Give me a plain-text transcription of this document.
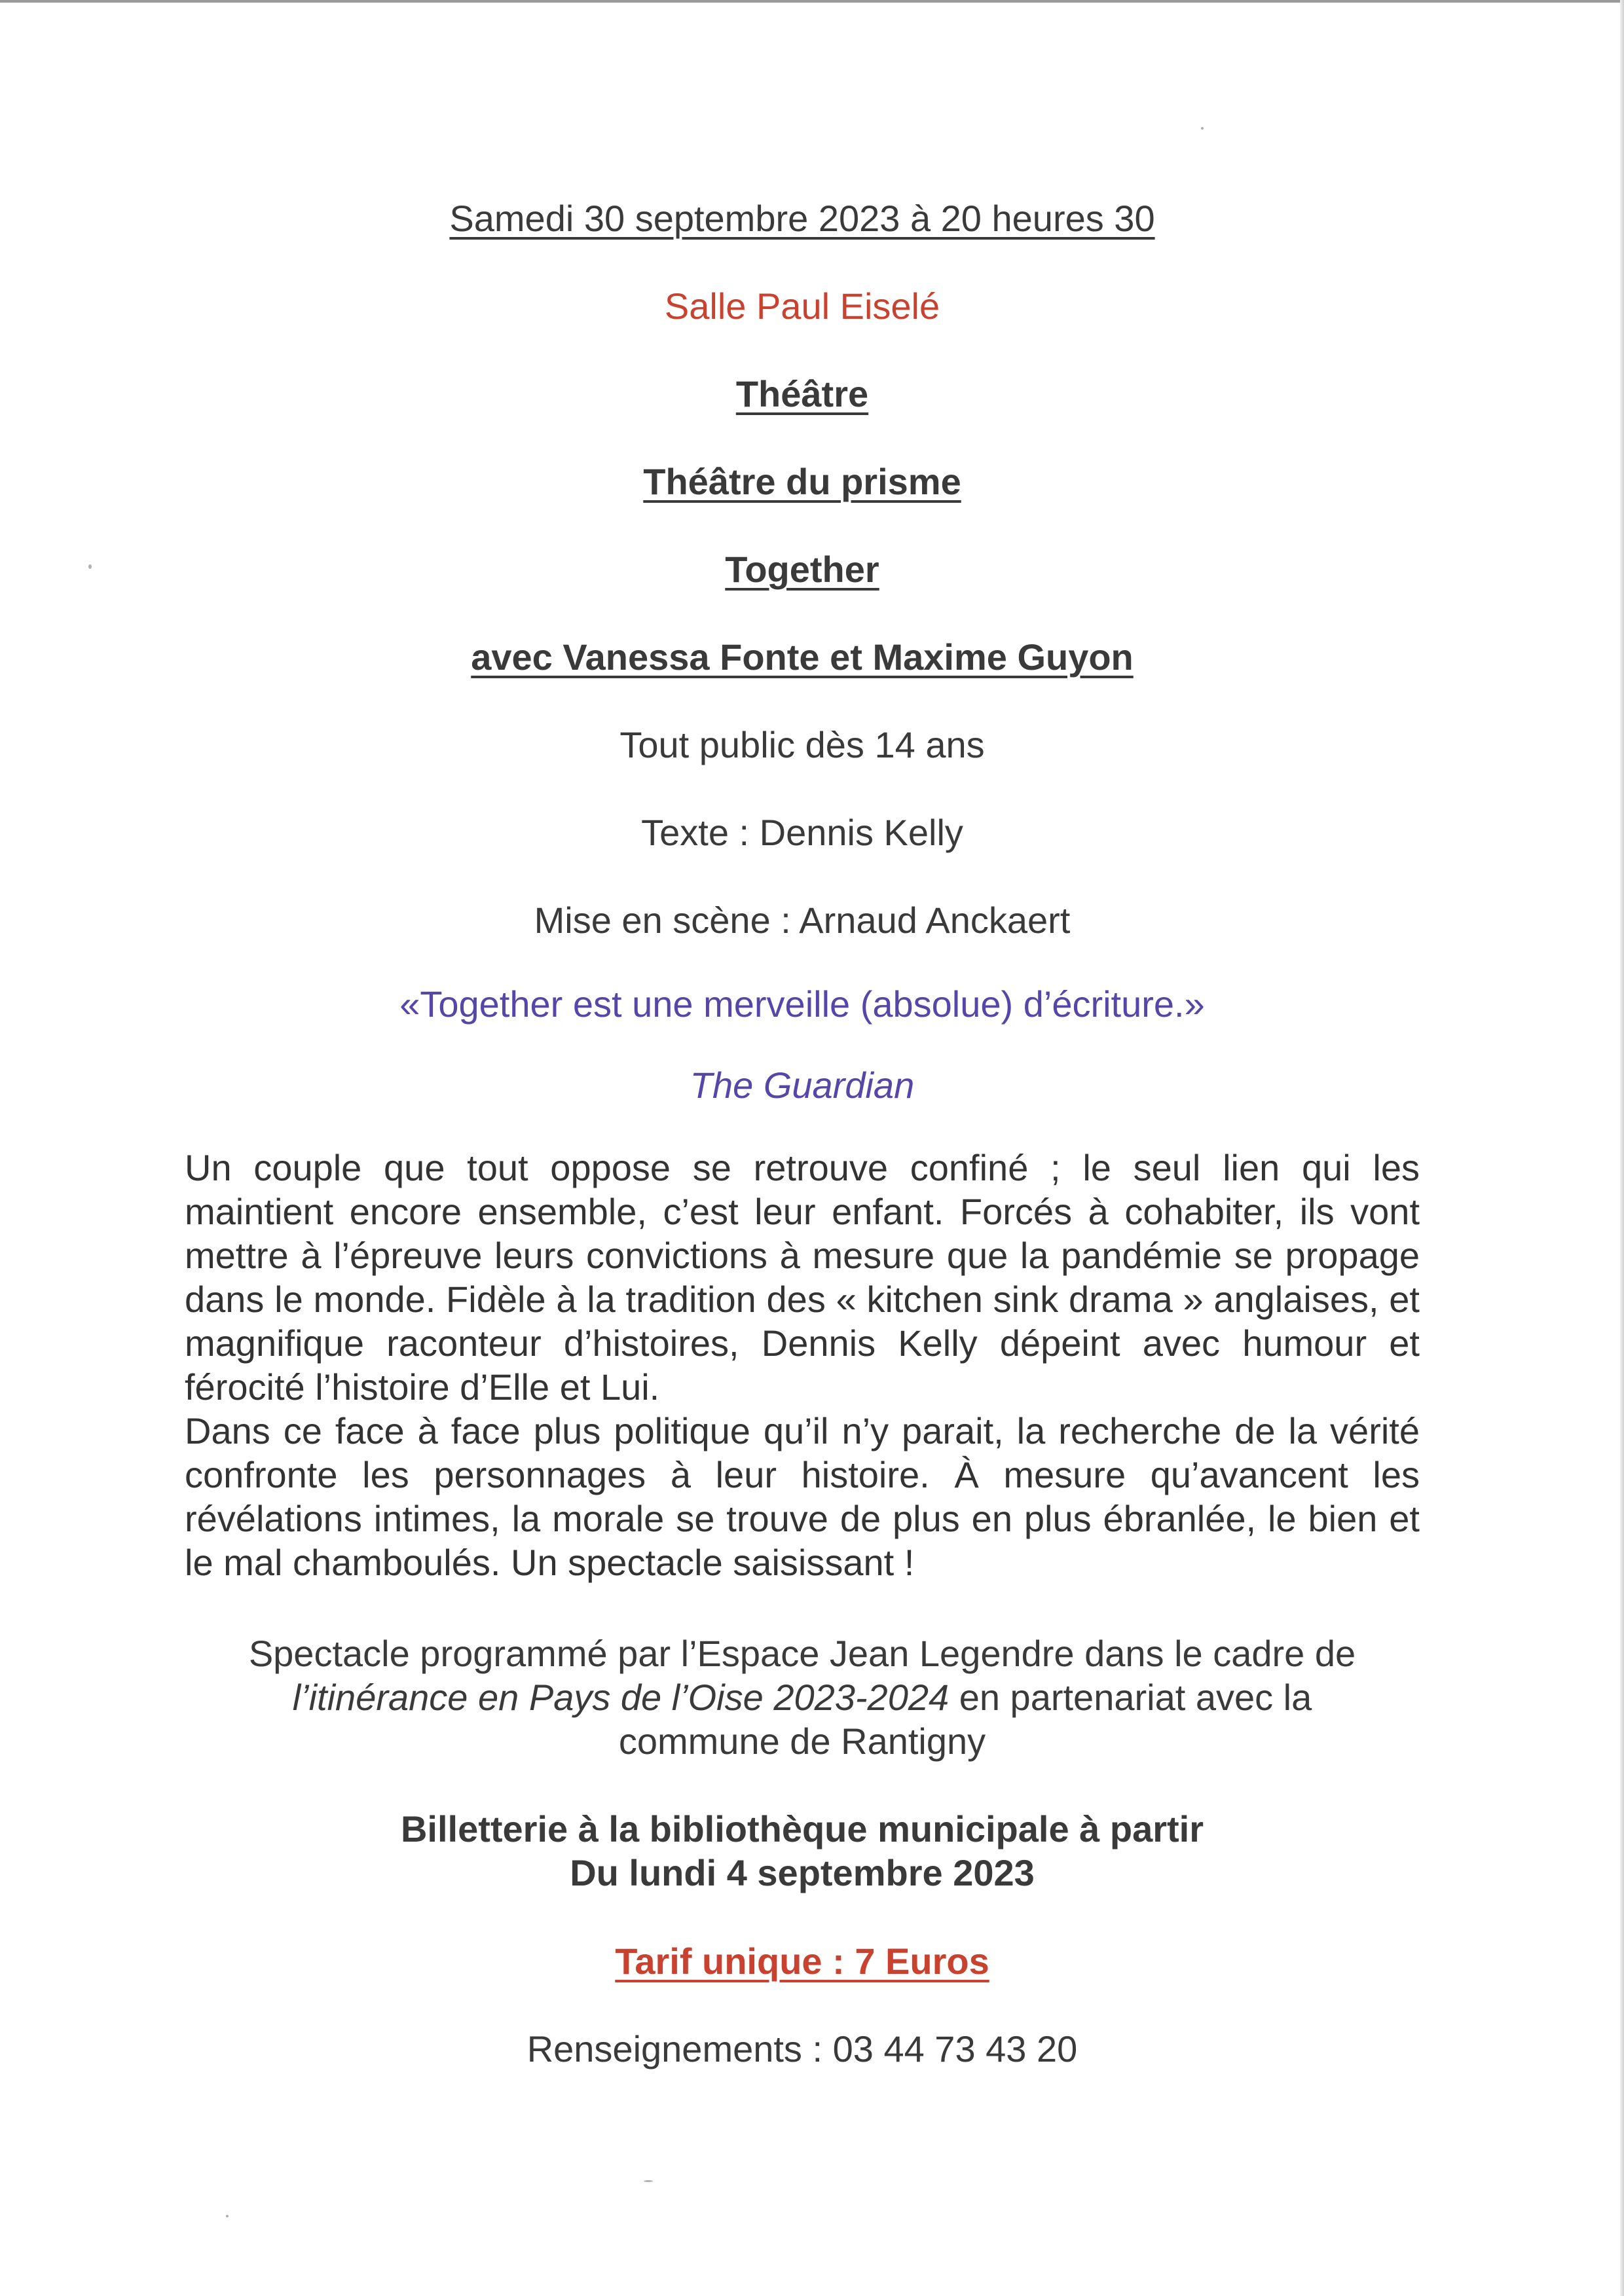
Samedi 30 septembre 2023 à 20 heures 30
Salle Paul Eiselé
Théâtre
Théâtre du prisme
Together
avec Vanessa Fonte et Maxime Guyon
Tout public dès 14 ans
Texte : Dennis Kelly
Mise en scène : Arnaud Anckaert
«Together est une merveille (absolue) d’écriture.»
The Guardian

Un couple que tout oppose se retrouve confiné ; le seul lien qui les maintient encore ensemble, c’est leur enfant. Forcés à cohabiter, ils vont mettre à l’épreuve leurs convictions à mesure que la pandémie se propage dans le monde. Fidèle à la tradition des « kitchen sink drama » anglaises, et magnifique raconteur d’histoires, Dennis Kelly dépeint avec humour et férocité l’histoire d’Elle et Lui.

Dans ce face à face plus politique qu’il n’y parait, la recherche de la vérité confronte les personnages à leur histoire. À mesure qu’avancent les révélations intimes, la morale se trouve de plus en plus ébranlée, le bien et le mal chamboulés. Un spectacle saisissant !

Spectacle programmé par l’Espace Jean Legendre dans le cadre de
l’itinérance en Pays de l’Oise 2023-2024 en partenariat avec la
commune de Rantigny
Billetterie à la bibliothèque municipale à partir
Du lundi 4 septembre 2023
Tarif unique : 7 Euros
Renseignements : 03 44 73 43 20
